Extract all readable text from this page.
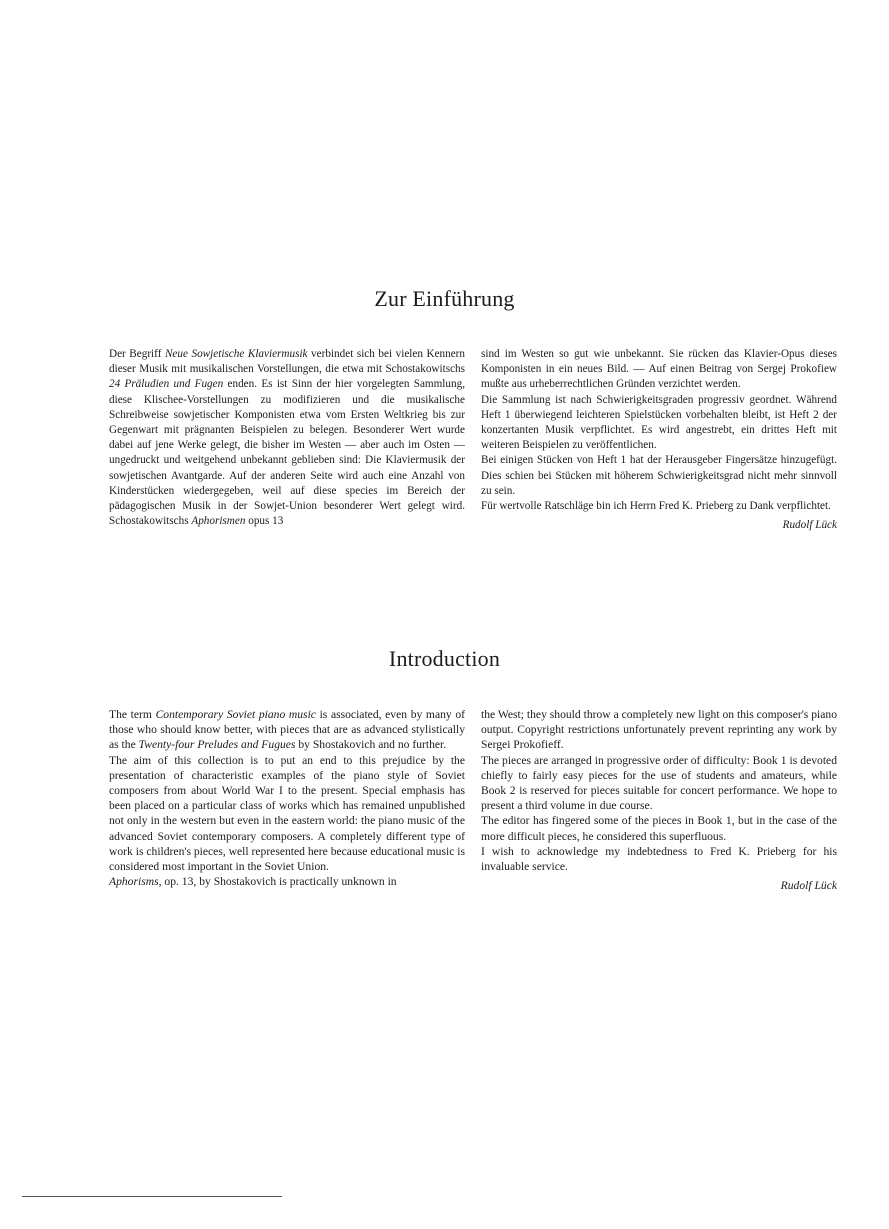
Zur Einführung

Der Begriff Neue Sowjetische Klaviermusik verbindet sich bei vielen Kennern dieser Musik mit musikalischen Vorstellungen, die etwa mit Schostakowitschs 24 Präludien und Fugen enden. Es ist Sinn der hier vorgelegten Sammlung, diese Klischee-Vorstellungen zu modifizieren und die musikalische Schreibweise sowjetischer Komponisten etwa vom Ersten Weltkrieg bis zur Gegenwart mit prägnanten Beispielen zu belegen. Besonderer Wert wurde dabei auf jene Werke gelegt, die bisher im Westen — aber auch im Osten — ungedruckt und weitgehend unbekannt geblieben sind: Die Klaviermusik der sowjetischen Avantgarde. Auf der anderen Seite wird auch eine Anzahl von Kinderstücken wiedergegeben, weil auf diese species im Bereich der pädagogischen Musik in der Sowjet-Union besonderer Wert gelegt wird. Schostakowitschs Aphorismen opus 13

sind im Westen so gut wie unbekannt. Sie rücken das Klavier-Opus dieses Komponisten in ein neues Bild. — Auf einen Beitrag von Sergej Prokofiew mußte aus urheberrechtlichen Gründen verzichtet werden.

Die Sammlung ist nach Schwierigkeitsgraden progressiv geordnet. Während Heft 1 überwiegend leichteren Spielstücken vorbehalten bleibt, ist Heft 2 der konzertanten Musik verpflichtet. Es wird angestrebt, ein drittes Heft mit weiteren Beispielen zu veröffentlichen.

Bei einigen Stücken von Heft 1 hat der Herausgeber Fingersätze hinzugefügt. Dies schien bei Stücken mit höherem Schwierigkeitsgrad nicht mehr sinnvoll zu sein.

Für wertvolle Ratschläge bin ich Herrn Fred K. Prieberg zu Dank verpflichtet.

Rudolf Lück

Introduction

The term Contemporary Soviet piano music is associated, even by many of those who should know better, with pieces that are as advanced stylistically as the Twenty-four Preludes and Fugues by Shostakovich and no further.

The aim of this collection is to put an end to this prejudice by the presentation of characteristic examples of the piano style of Soviet composers from about World War I to the present. Special emphasis has been placed on a particular class of works which has remained unpublished not only in the western but even in the eastern world: the piano music of the advanced Soviet contemporary composers. A completely different type of work is children's pieces, well represented here because educational music is considered most important in the Soviet Union.

Aphorisms, op. 13, by Shostakovich is practically unknown in

the West; they should throw a completely new light on this composer's piano output. Copyright restrictions unfortunately prevent reprinting any work by Sergei Prokofieff.

The pieces are arranged in progressive order of difficulty: Book 1 is devoted chiefly to fairly easy pieces for the use of students and amateurs, while Book 2 is reserved for pieces suitable for concert performance. We hope to present a third volume in due course.

The editor has fingered some of the pieces in Book 1, but in the case of the more difficult pieces, he considered this superfluous.

I wish to acknowledge my indebtedness to Fred K. Prieberg for his invaluable service.

Rudolf Lück
